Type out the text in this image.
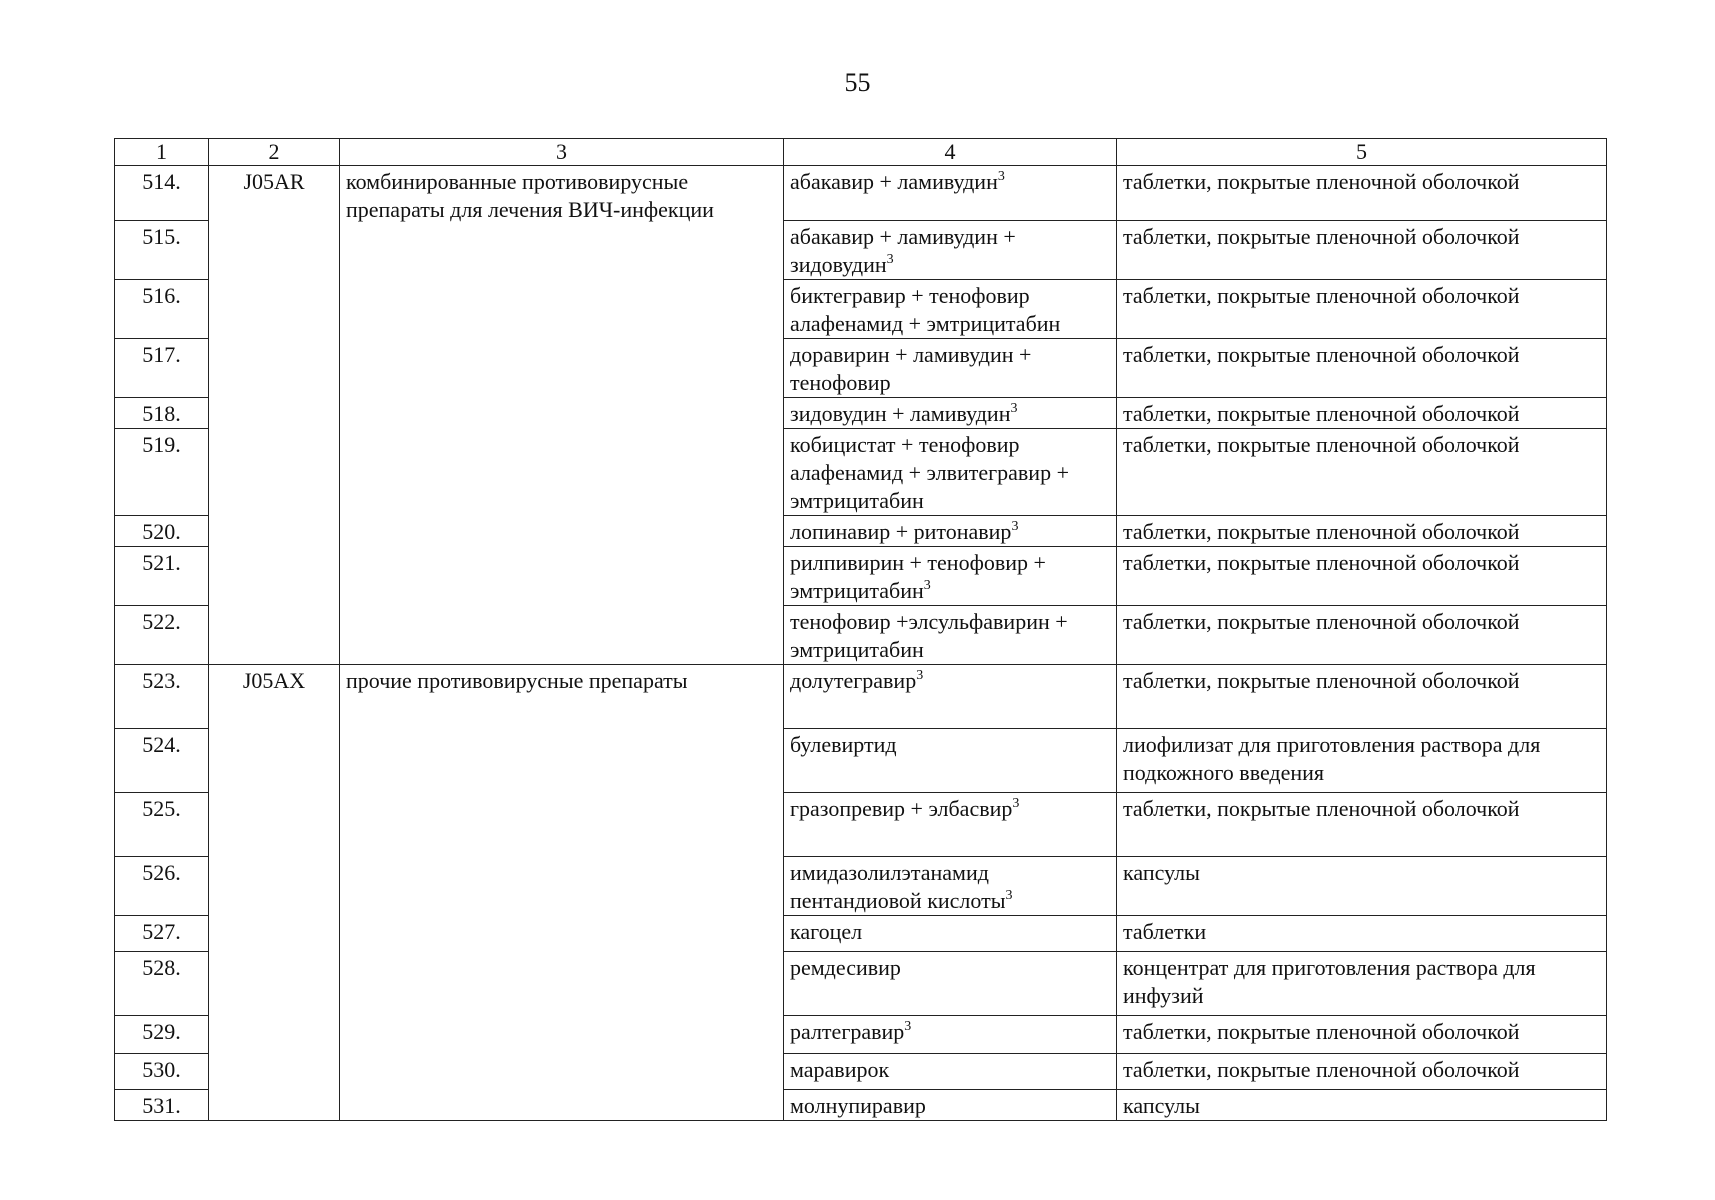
55
1	2	3	4	5
514.	J05AR	комбинированные противовирусные препараты для лечения ВИЧ-инфекции	абакавир + ламивудин$^3$	таблетки, покрытые пленочной оболочкой
515.			абакавир + ламивудин + зидовудин$^3$	таблетки, покрытые пленочной оболочкой
516.			биктегравир + тенофовир алафенамид + эмтрицитабин	таблетки, покрытые пленочной оболочкой
517.			доравирин + ламивудин + тенофовир	таблетки, покрытые пленочной оболочкой
518.			зидовудин + ламивудин$^3$	таблетки, покрытые пленочной оболочкой
519.			кобицистат + тенофовир алафенамид + элвитегравир + эмтрицитабин	таблетки, покрытые пленочной оболочкой
520.			лопинавир + ритонавир$^3$	таблетки, покрытые пленочной оболочкой
521.			рилпивирин + тенофовир + эмтрицитабин$^3$	таблетки, покрытые пленочной оболочкой
522.			тенофовир +элсульфавирин + эмтрицитабин	таблетки, покрытые пленочной оболочкой
523.	J05AX	прочие противовирусные препараты	долутегравир$^3$	таблетки, покрытые пленочной оболочкой
524.			булевиртид	лиофилизат для приготовления раствора для подкожного введения
525.			гразопревир + элбасвир$^3$	таблетки, покрытые пленочной оболочкой
526.			имидазолилэтанамид пентандиовой кислоты$^3$	капсулы
527.			кагоцел	таблетки
528.			ремдесивир	концентрат для приготовления раствора для инфузий
529.			ралтегравир$^3$	таблетки, покрытые пленочной оболочкой
530.			маравирок	таблетки, покрытые пленочной оболочкой
531.			молнупиравир	капсулы
